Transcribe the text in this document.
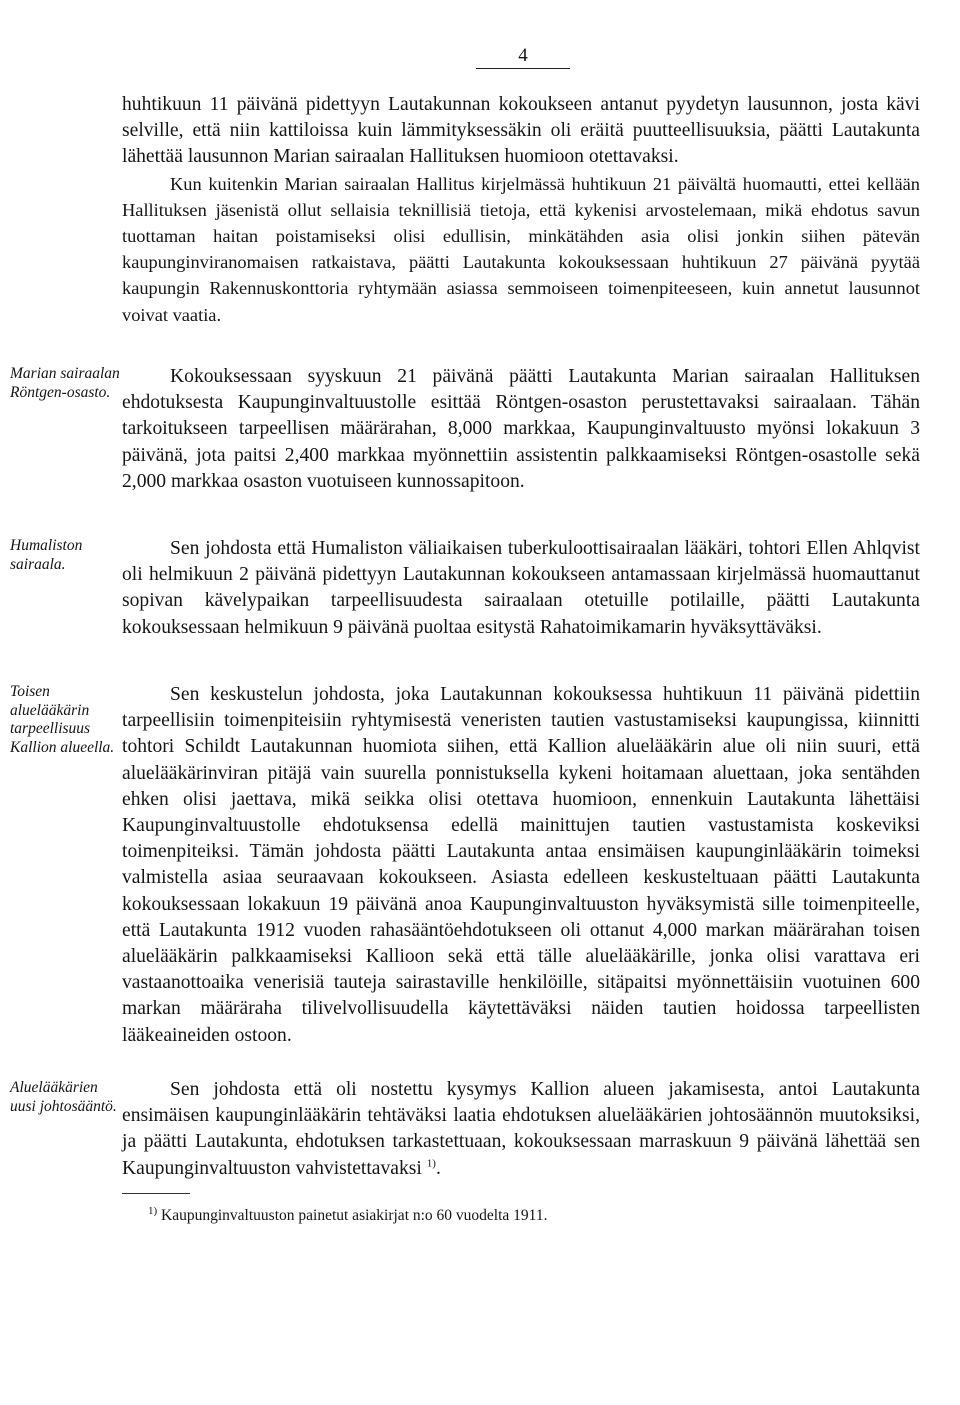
4

huhtikuun 11 päivänä pidettyyn Lautakunnan kokoukseen antanut pyydetyn lausunnon, josta kävi selville, että niin kattiloissa kuin lämmityksessäkin oli eräitä puutteellisuuksia, päätti Lautakunta lähettää lausunnon Marian sairaalan Hallituksen huomioon otettavaksi.

Kun kuitenkin Marian sairaalan Hallitus kirjelmässä huhtikuun 21 päivältä huomautti, ettei kellään Hallituksen jäsenistä ollut sellaisia teknillisiä tietoja, että kykenisi arvostelemaan, mikä ehdotus savun tuottaman haitan poistamiseksi olisi edullisin, minkätähden asia olisi jonkin siihen pätevän kaupunginviranomaisen ratkaistava, päätti Lautakunta kokouksessaan huhtikuun 27 päivänä pyytää kaupungin Rakennuskonttoria ryhtymään asiassa semmoiseen toimenpiteeseen, kuin annetut lausunnot voivat vaatia.

Marian sairaalan Röntgen-osasto.

Kokouksessaan syyskuun 21 päivänä päätti Lautakunta Marian sairaalan Hallituksen ehdotuksesta Kaupunginvaltuustolle esittää Röntgen-osaston perustettavaksi sairaalaan. Tähän tarkoitukseen tarpeellisen määrärahan, 8,000 markkaa, Kaupunginvaltuusto myönsi lokakuun 3 päivänä, jota paitsi 2,400 markkaa myönnettiin assistentin palkkaamiseksi Röntgen-osastolle sekä 2,000 markkaa osaston vuotuiseen kunnossapitoon.

Humaliston sairaala.

Sen johdosta että Humaliston väliaikaisen tuberkuloottisairaalan lääkäri, tohtori Ellen Ahlqvist oli helmikuun 2 päivänä pidettyyn Lautakunnan kokoukseen antamassaan kirjelmässä huomauttanut sopivan kävelypaikan tarpeellisuudesta sairaalaan otetuille potilaille, päätti Lautakunta kokouksessaan helmikuun 9 päivänä puoltaa esitystä Rahatoimikamarin hyväksyttäväksi.

Toisen aluelääkärin tarpeellisuus Kallion alueella.

Sen keskustelun johdosta, joka Lautakunnan kokouksessa huhtikuun 11 päivänä pidettiin tarpeellisiin toimenpiteisiin ryhtymisestä veneristen tautien vastustamiseksi kaupungissa, kiinnitti tohtori Schildt Lautakunnan huomiota siihen, että Kallion aluelääkärin alue oli niin suuri, että aluelääkärinviran pitäjä vain suurella ponnistuksella kykeni hoitamaan aluettaan, joka sentähden ehken olisi jaettava, mikä seikka olisi otettava huomioon, ennenkuin Lautakunta lähettäisi Kaupunginvaltuustolle ehdotuksensa edellä mainittujen tautien vastustamista koskeviksi toimenpiteiksi. Tämän johdosta päätti Lautakunta antaa ensimäisen kaupunginlääkärin toimeksi valmistella asiaa seuraavaan kokoukseen. Asiasta edelleen keskusteltuaan päätti Lautakunta kokouksessaan lokakuun 19 päivänä anoa Kaupunginvaltuuston hyväksymistä sille toimenpiteelle, että Lautakunta 1912 vuoden rahasääntöehdotukseen oli ottanut 4,000 markan määrärahan toisen aluelääkärin palkkaamiseksi Kallioon sekä että tälle aluelääkärille, jonka olisi varattava eri vastaanottoaika venerisiä tauteja sairastaville henkilöille, sitäpaitsi myönnettäisiin vuotuinen 600 markan määräraha tilivelvollisuudella käytettäväksi näiden tautien hoidossa tarpeellisten lääkeaineiden ostoon.

Aluelääkärien uusi johtosääntö.

Sen johdosta että oli nostettu kysymys Kallion alueen jakamisesta, antoi Lautakunta ensimäisen kaupunginlääkärin tehtäväksi laatia ehdotuksen aluelääkärien johtosäännön muutoksiksi, ja päätti Lautakunta, ehdotuksen tarkastettuaan, kokouksessaan marraskuun 9 päivänä lähettää sen Kaupunginvaltuuston vahvistettavaksi $^{1)}$.

$^{1)}$ Kaupunginvaltuuston painetut asiakirjat n:o 60 vuodelta 1911.
